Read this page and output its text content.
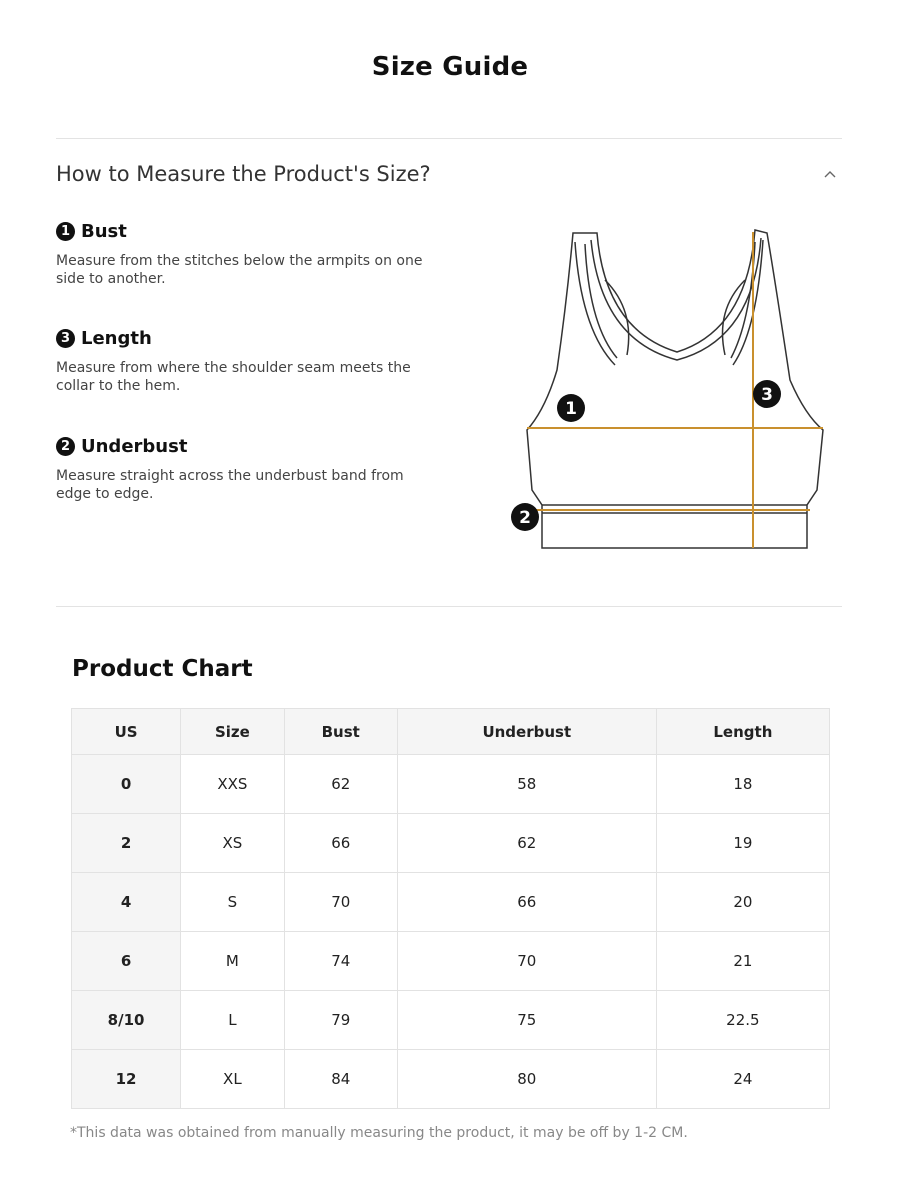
Size Guide
How to Measure the Product's Size?
1 Bust
Measure from the stitches below the armpits on one side to another.
3 Length
Measure from where the shoulder seam meets the collar to the hem.
2 Underbust
Measure straight across the underbust band from edge to edge.
1
3
2
Product Chart
US	Size	Bust	Underbust	Length
0	XXS	62	58	18
2	XS	66	62	19
4	S	70	66	20
6	M	74	70	21
8/10	L	79	75	22.5
12	XL	84	80	24
*This data was obtained from manually measuring the product, it may be off by 1-2 CM.
